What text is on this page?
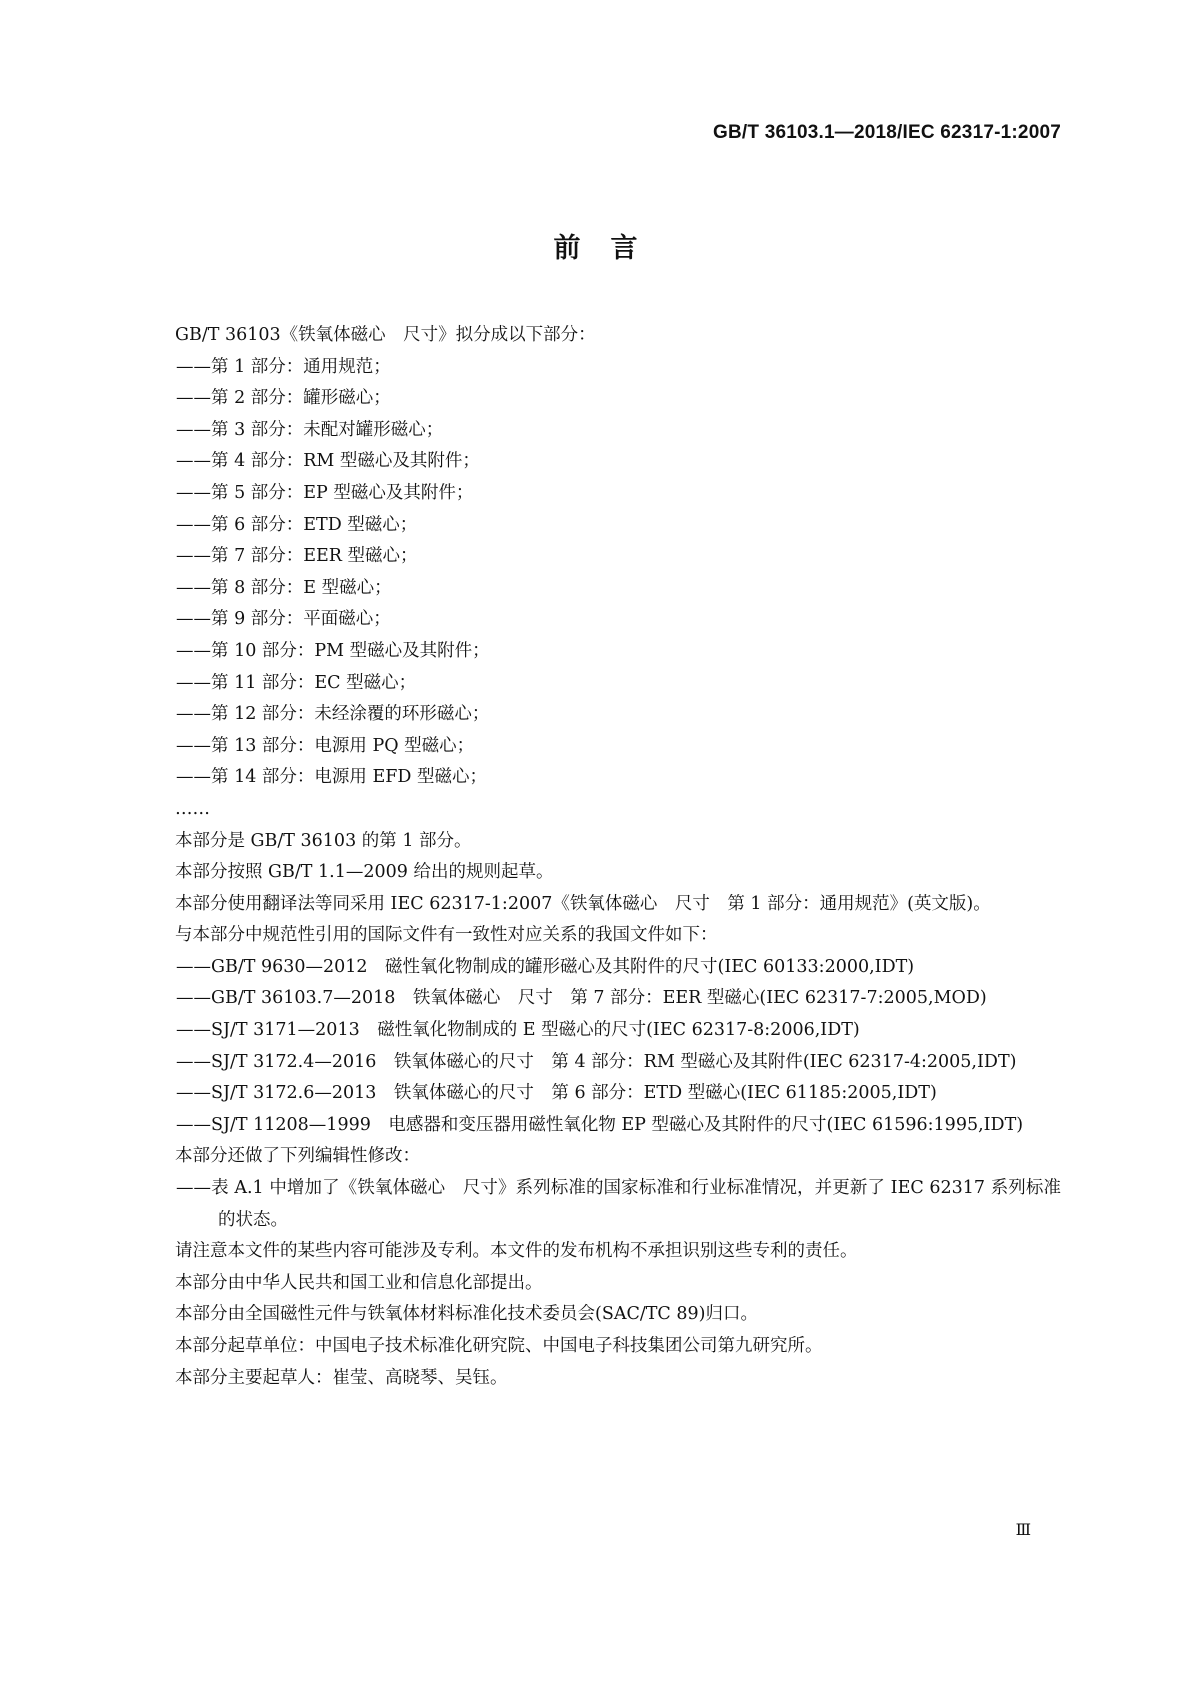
GB/T 36103.1—2018/IEC 62317-1:2007
前言
GB/T 36103《铁氧体磁心　尺寸》拟分成以下部分：
——第 1 部分：通用规范；
——第 2 部分：罐形磁心；
——第 3 部分：未配对罐形磁心；
——第 4 部分：RM 型磁心及其附件；
——第 5 部分：EP 型磁心及其附件；
——第 6 部分：ETD 型磁心；
——第 7 部分：EER 型磁心；
——第 8 部分：E 型磁心；
——第 9 部分：平面磁心；
——第 10 部分：PM 型磁心及其附件；
——第 11 部分：EC 型磁心；
——第 12 部分：未经涂覆的环形磁心；
——第 13 部分：电源用 PQ 型磁心；
——第 14 部分：电源用 EFD 型磁心；
……
本部分是 GB/T 36103 的第 1 部分。
本部分按照 GB/T 1.1—2009 给出的规则起草。
本部分使用翻译法等同采用 IEC 62317-1:2007《铁氧体磁心　尺寸　第 1 部分：通用规范》(英文版)。
与本部分中规范性引用的国际文件有一致性对应关系的我国文件如下：
——GB/T 9630—2012　磁性氧化物制成的罐形磁心及其附件的尺寸(IEC 60133:2000,IDT)
——GB/T 36103.7—2018　铁氧体磁心　尺寸　第 7 部分：EER 型磁心(IEC 62317-7:2005,MOD)
——SJ/T 3171—2013　磁性氧化物制成的 E 型磁心的尺寸(IEC 62317-8:2006,IDT)
——SJ/T 3172.4—2016　铁氧体磁心的尺寸　第 4 部分：RM 型磁心及其附件(IEC 62317-4:2005,IDT)
——SJ/T 3172.6—2013　铁氧体磁心的尺寸　第 6 部分：ETD 型磁心(IEC 61185:2005,IDT)
——SJ/T 11208—1999　电感器和变压器用磁性氧化物 EP 型磁心及其附件的尺寸(IEC 61596:1995,IDT)
本部分还做了下列编辑性修改：
——表 A.1 中增加了《铁氧体磁心　尺寸》系列标准的国家标准和行业标准情况，并更新了 IEC 62317 系列标准的状态。
请注意本文件的某些内容可能涉及专利。本文件的发布机构不承担识别这些专利的责任。
本部分由中华人民共和国工业和信息化部提出。
本部分由全国磁性元件与铁氧体材料标准化技术委员会(SAC/TC 89)归口。
本部分起草单位：中国电子技术标准化研究院、中国电子科技集团公司第九研究所。
本部分主要起草人：崔莹、高晓琴、吴钰。
Ⅲ
